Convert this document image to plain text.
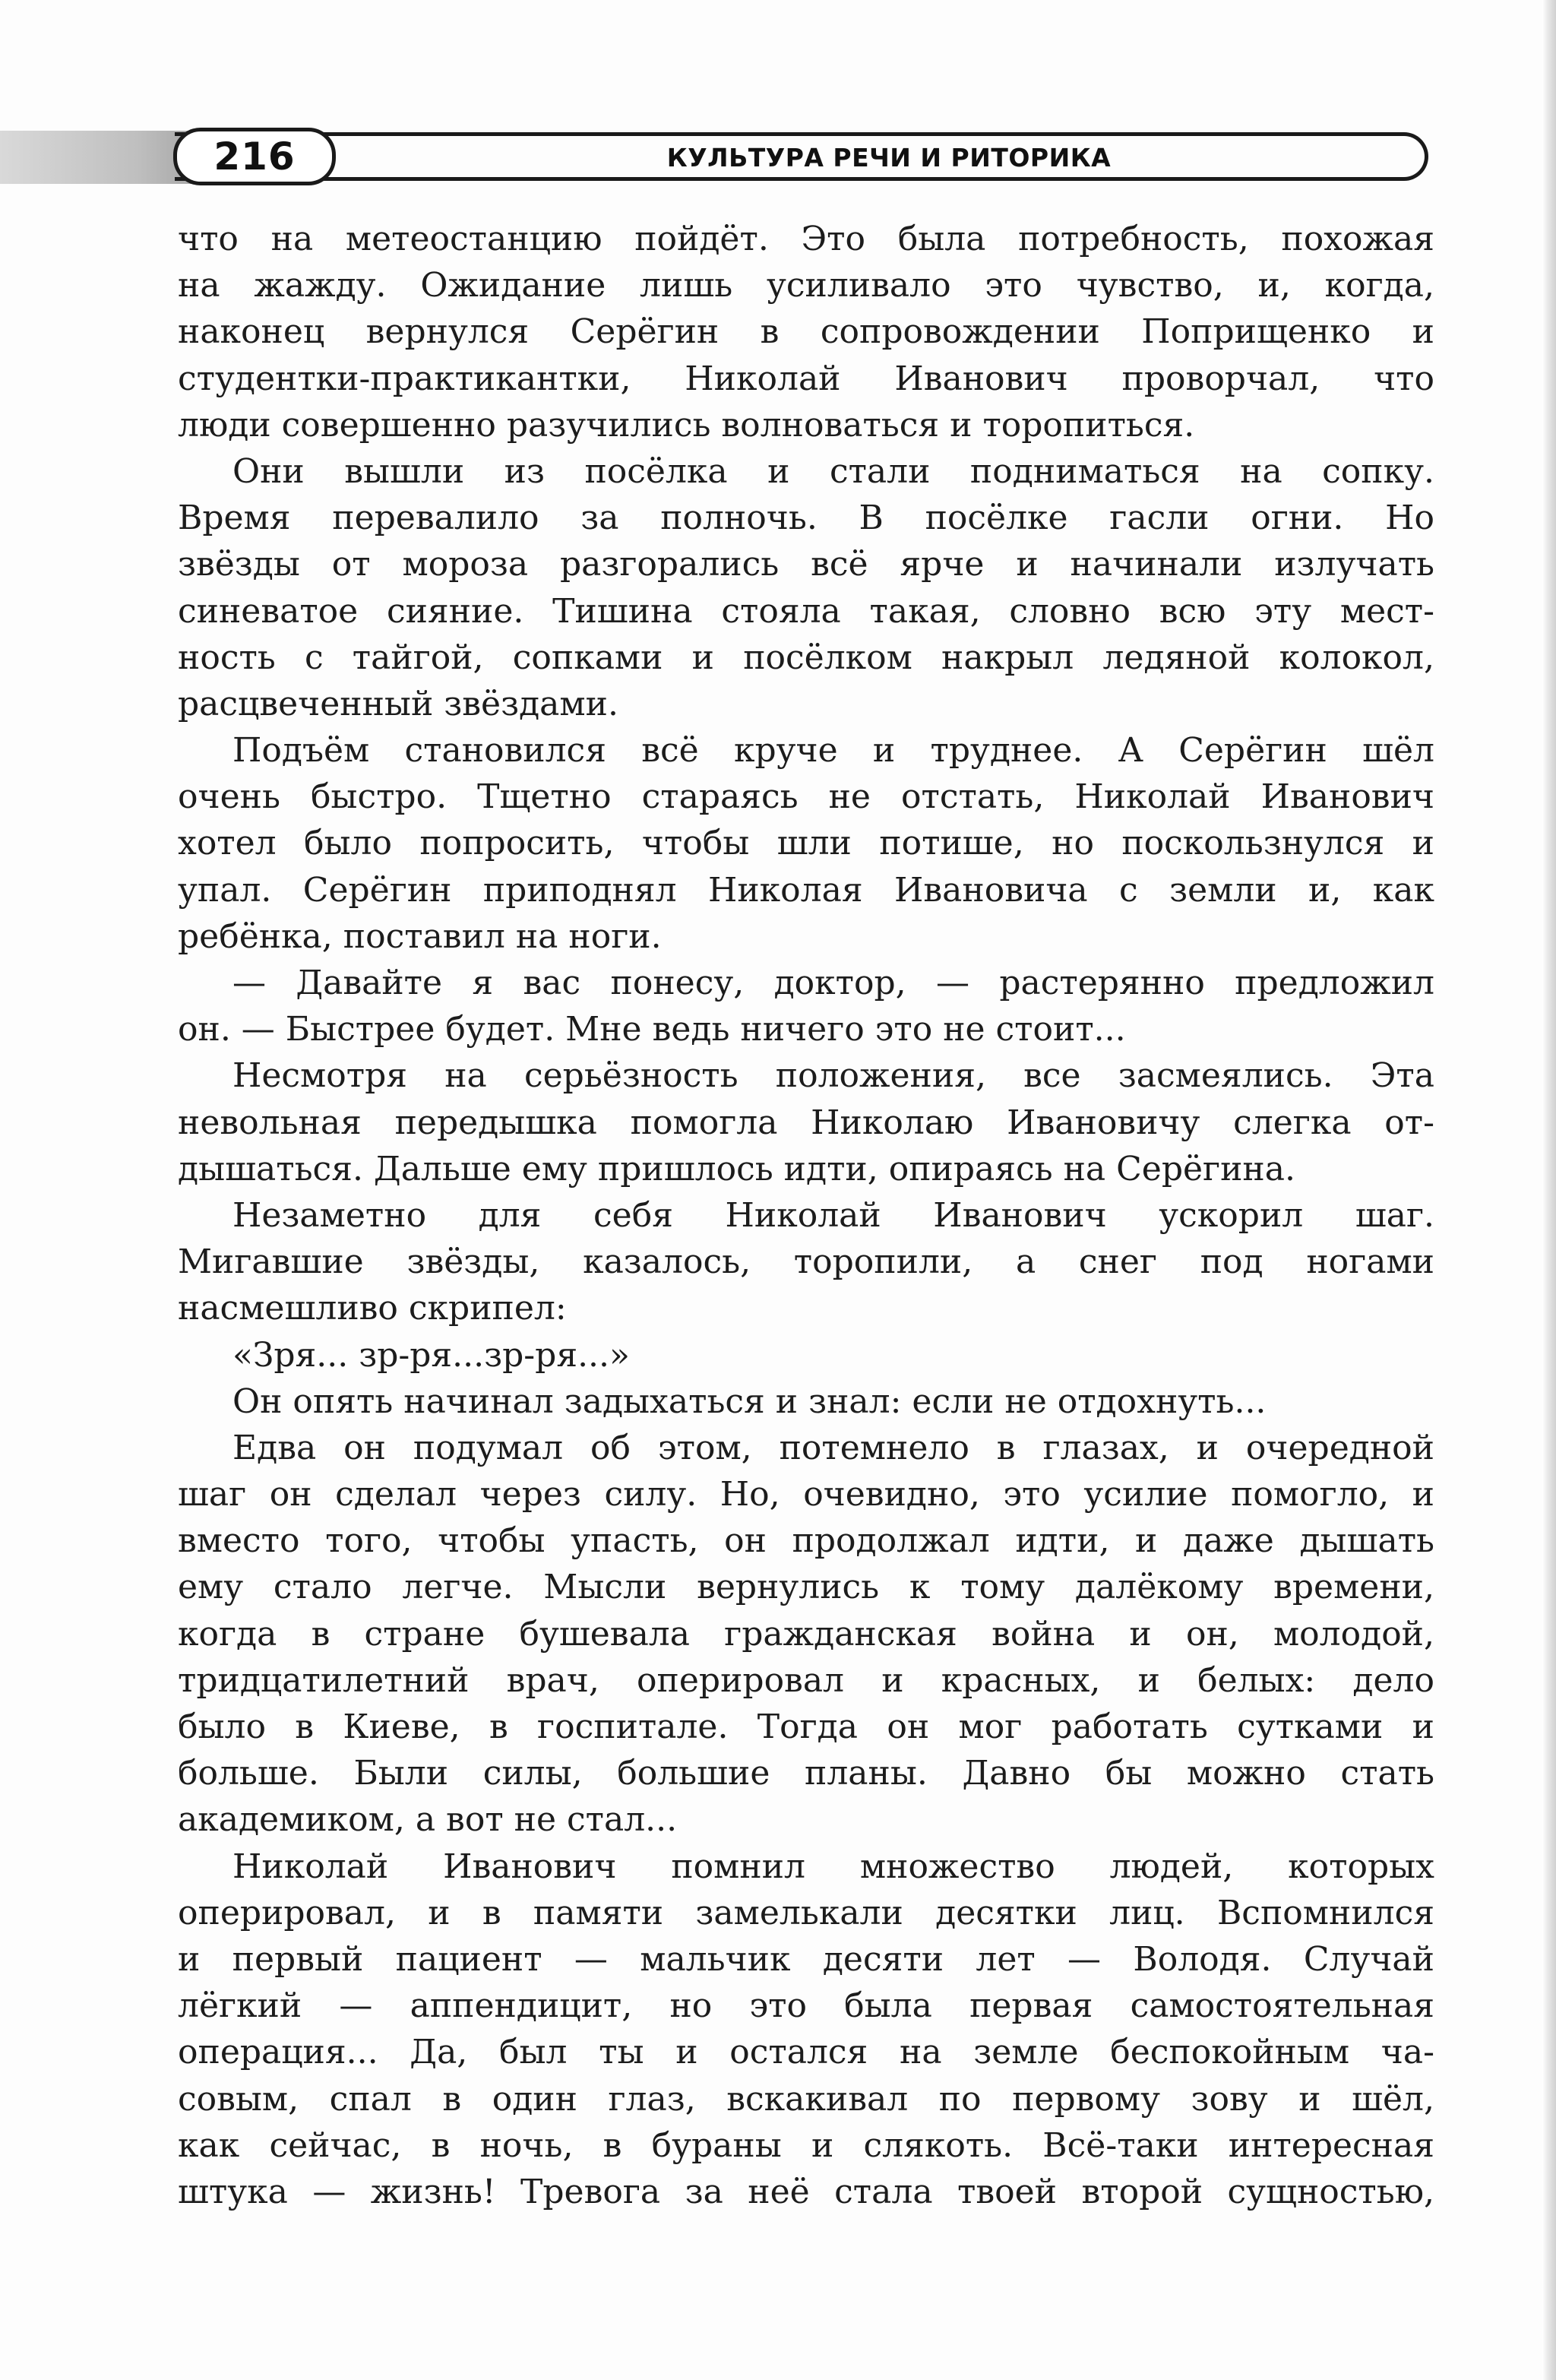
216	КУЛЬТУРА РЕЧИ И РИТОРИКА
что на метеостанцию пойдёт. Это была потребность, похожая
на жажду. Ожидание лишь усиливало это чувство, и, когда,
наконец вернулся Серёгин в сопровождении Поприщенко и
студентки-практикантки, Николай Иванович проворчал, что
люди совершенно разучились волноваться и торопиться.
Они вышли из посёлка и стали подниматься на сопку.
Время перевалило за полночь. В посёлке гасли огни. Но
звёзды от мороза разгорались всё ярче и начинали излучать
синеватое сияние. Тишина стояла такая, словно всю эту мест-
ность с тайгой, сопками и посёлком накрыл ледяной колокол,
расцвеченный звёздами.
Подъём становился всё круче и труднее. А Серёгин шёл
очень быстро. Тщетно стараясь не отстать, Николай Иванович
хотел было попросить, чтобы шли потише, но поскользнулся и
упал. Серёгин приподнял Николая Ивановича с земли и, как
ребёнка, поставил на ноги.
— Давайте я вас понесу, доктор, — растерянно предложил
он. — Быстрее будет. Мне ведь ничего это не стоит...
Несмотря на серьёзность положения, все засмеялись. Эта
невольная передышка помогла Николаю Ивановичу слегка от-
дышаться. Дальше ему пришлось идти, опираясь на Серёгина.
Незаметно для себя Николай Иванович ускорил шаг.
Мигавшие звёзды, казалось, торопили, а снег под ногами
насмешливо скрипел:
«Зря... зр-ря...зр-ря...»
Он опять начинал задыхаться и знал: если не отдохнуть...
Едва он подумал об этом, потемнело в глазах, и очередной
шаг он сделал через силу. Но, очевидно, это усилие помогло, и
вместо того, чтобы упасть, он продолжал идти, и даже дышать
ему стало легче. Мысли вернулись к тому далёкому времени,
когда в стране бушевала гражданская война и он, молодой,
тридцатилетний врач, оперировал и красных, и белых: дело
было в Киеве, в госпитале. Тогда он мог работать сутками и
больше. Были силы, большие планы. Давно бы можно стать
академиком, а вот не стал...
Николай Иванович помнил множество людей, которых
оперировал, и в памяти замелькали десятки лиц. Вспомнился
и первый пациент — мальчик десяти лет — Володя. Случай
лёгкий — аппендицит, но это была первая самостоятельная
операция... Да, был ты и остался на земле беспокойным ча-
совым, спал в один глаз, вскакивал по первому зову и шёл,
как сейчас, в ночь, в бураны и слякоть. Всё-таки интересная
штука — жизнь! Тревога за неё стала твоей второй сущностью,
